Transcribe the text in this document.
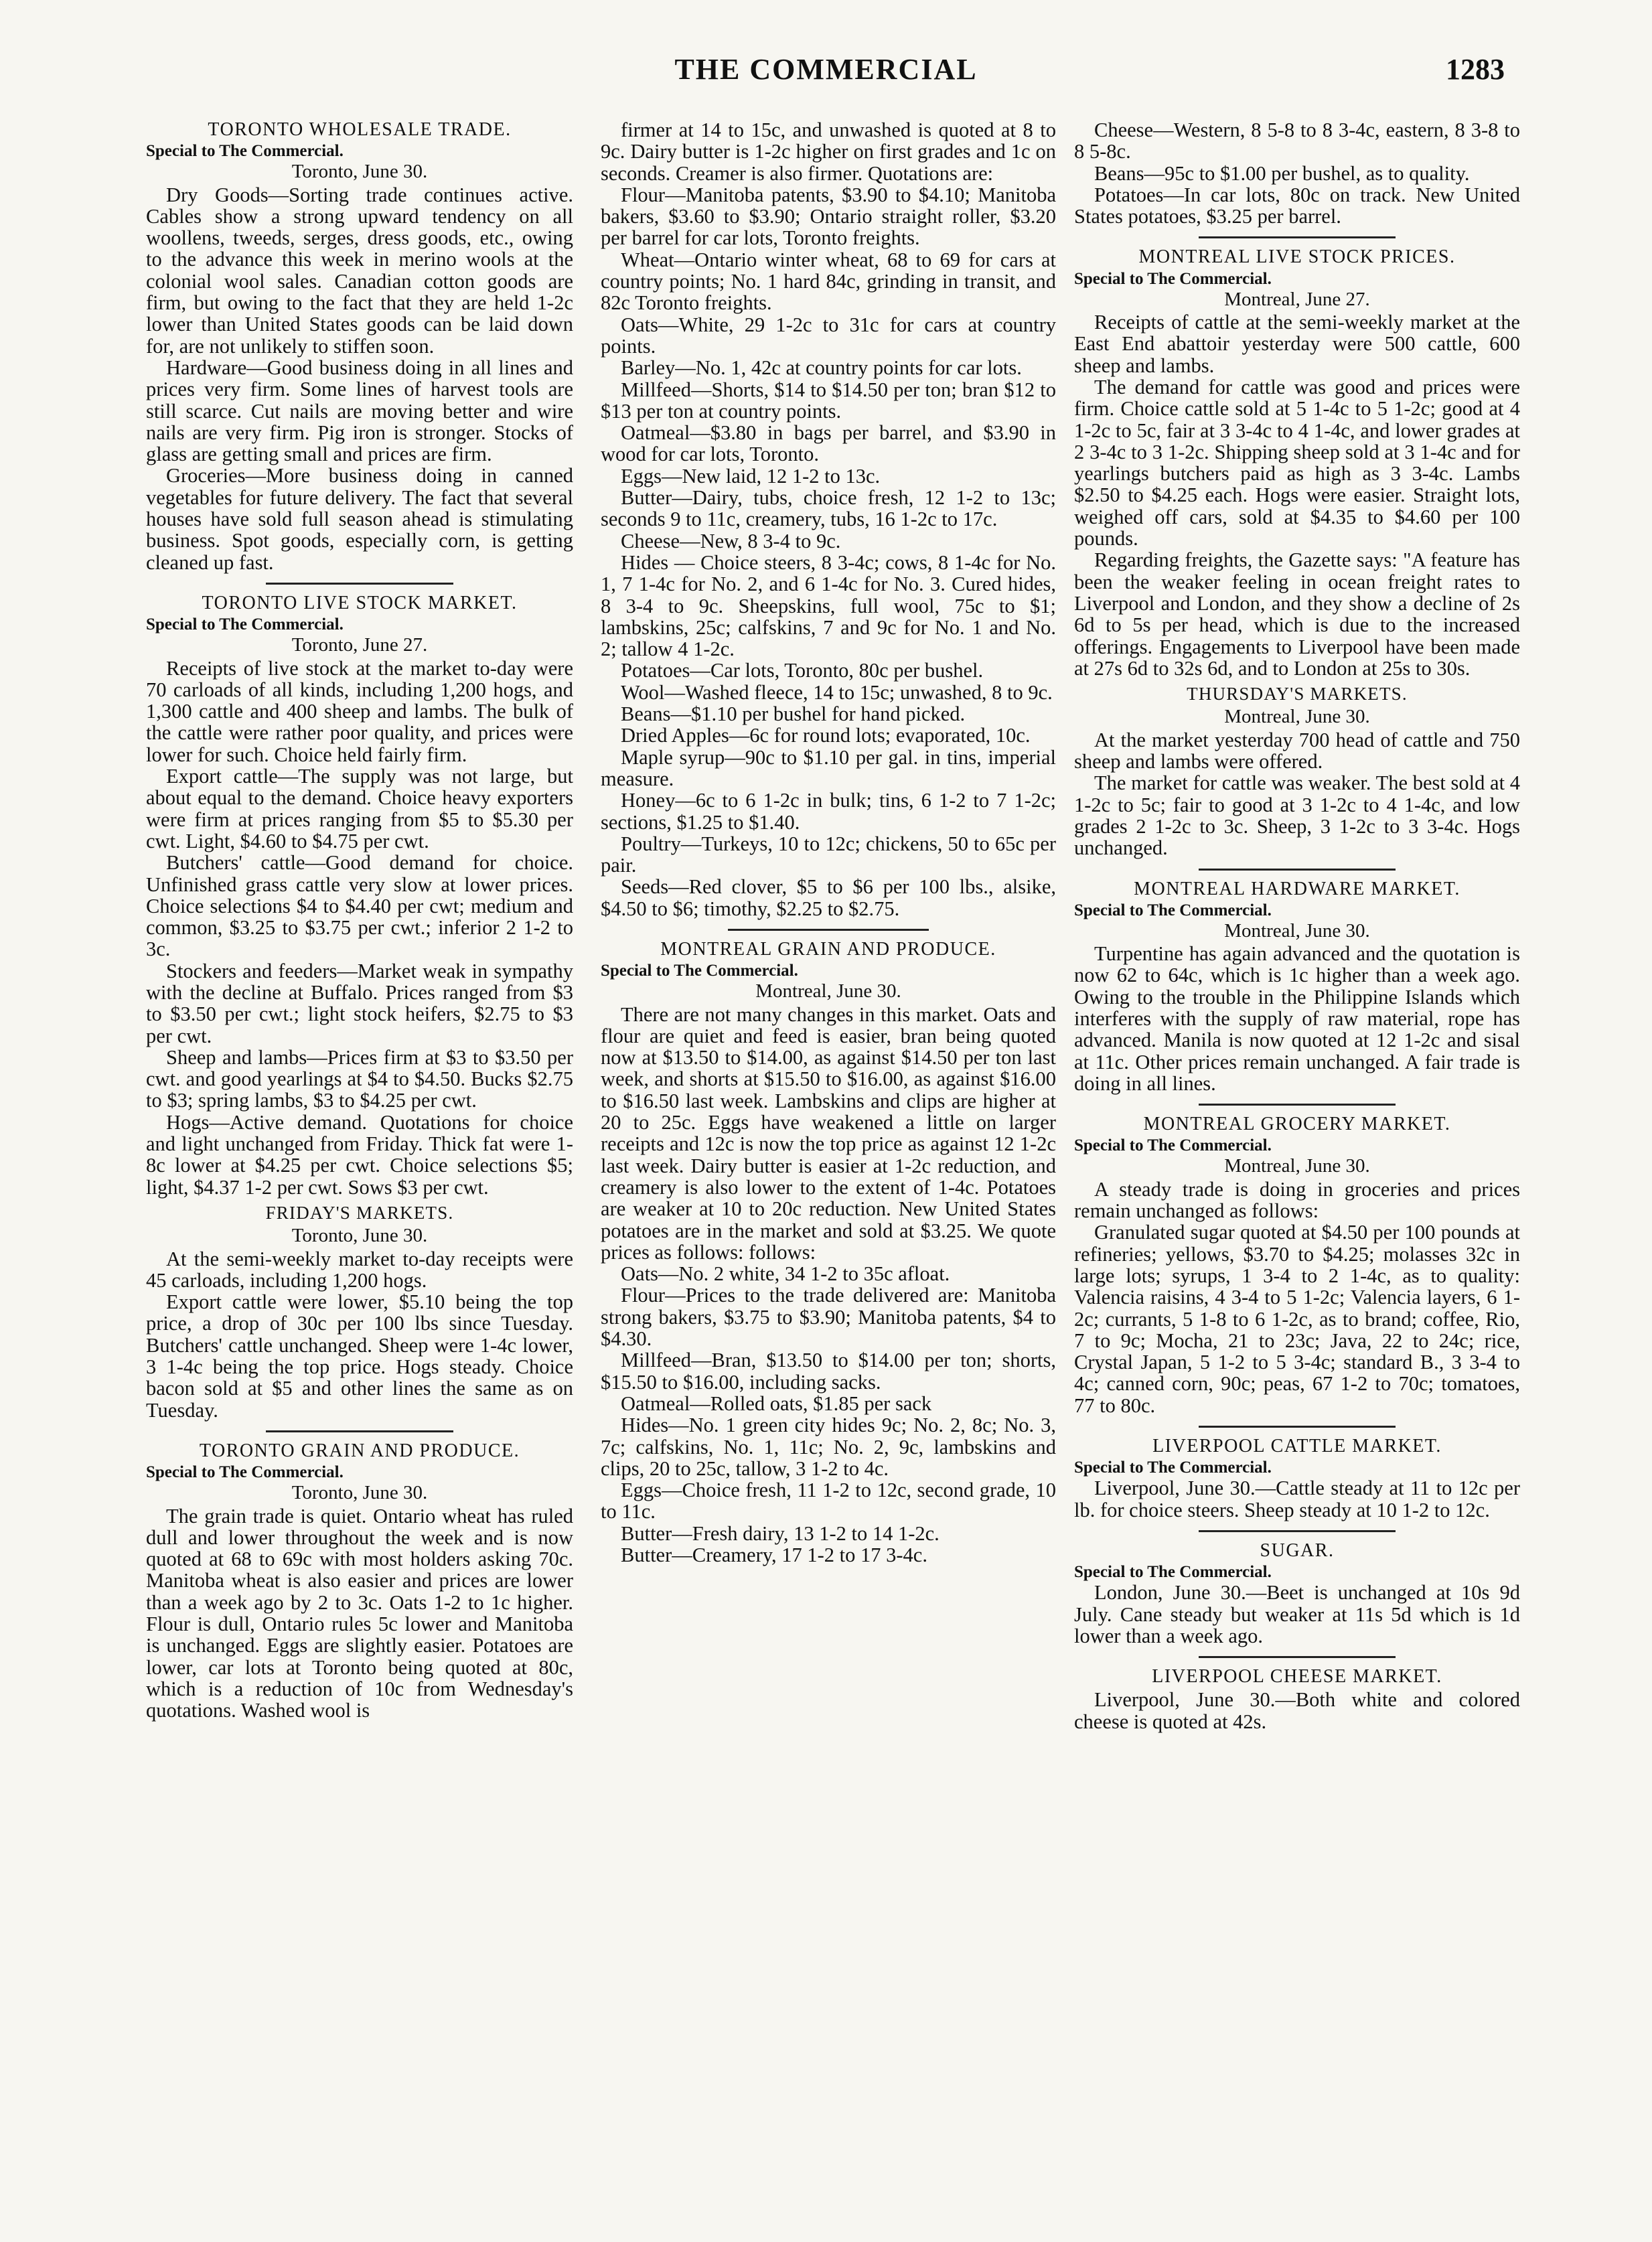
THE COMMERCIAL	1283
TORONTO WHOLESALE TRADE.
Special to The Commercial.
Toronto, June 30.

Dry Goods—Sorting trade continues active. Cables show a strong upward tendency on all woollens, tweeds, serges, dress goods, etc., owing to the advance this week in merino wools at the colonial wool sales. Canadian cotton goods are firm, but owing to the fact that they are held 1-2c lower than United States goods can be laid down for, are not unlikely to stiffen soon.

Hardware—Good business doing in all lines and prices very firm. Some lines of harvest tools are still scarce. Cut nails are moving better and wire nails are very firm. Pig iron is stronger. Stocks of glass are getting small and prices are firm.

Groceries—More business doing in canned vegetables for future delivery. The fact that several houses have sold full season ahead is stimulating business. Spot goods, especially corn, is getting cleaned up fast.

TORONTO LIVE STOCK MARKET.
Special to The Commercial.
Toronto, June 27.

Receipts of live stock at the market to-day were 70 carloads of all kinds, including 1,200 hogs, and 1,300 cattle and 400 sheep and lambs. The bulk of the cattle were rather poor quality, and prices were lower for such. Choice held fairly firm.

Export cattle—The supply was not large, but about equal to the demand. Choice heavy exporters were firm at prices ranging from $5 to $5.30 per cwt. Light, $4.60 to $4.75 per cwt.

Butchers' cattle—Good demand for choice. Unfinished grass cattle very slow at lower prices. Choice selections $4 to $4.40 per cwt; medium and common, $3.25 to $3.75 per cwt.; inferior 2 1-2 to 3c.

Stockers and feeders—Market weak in sympathy with the decline at Buffalo. Prices ranged from $3 to $3.50 per cwt.; light stock heifers, $2.75 to $3 per cwt.

Sheep and lambs—Prices firm at $3 to $3.50 per cwt. and good yearlings at $4 to $4.50. Bucks $2.75 to $3; spring lambs, $3 to $4.25 per cwt.

Hogs—Active demand. Quotations for choice and light unchanged from Friday. Thick fat were 1-8c lower at $4.25 per cwt. Choice selections $5; light, $4.37 1-2 per cwt. Sows $3 per cwt.

FRIDAY'S MARKETS.
Toronto, June 30.

At the semi-weekly market to-day receipts were 45 carloads, including 1,200 hogs.

Export cattle were lower, $5.10 being the top price, a drop of 30c per 100 lbs since Tuesday. Butchers' cattle unchanged. Sheep were 1-4c lower, 3 1-4c being the top price. Hogs steady. Choice bacon sold at $5 and other lines the same as on Tuesday.

TORONTO GRAIN AND PRODUCE.
Special to The Commercial.
Toronto, June 30.

The grain trade is quiet. Ontario wheat has ruled dull and lower throughout the week and is now quoted at 68 to 69c with most holders asking 70c. Manitoba wheat is also easier and prices are lower than a week ago by 2 to 3c. Oats 1-2 to 1c higher. Flour is dull, Ontario rules 5c lower and Manitoba is unchanged. Eggs are slightly easier. Potatoes are lower, car lots at Toronto being quoted at 80c, which is a reduction of 10c from Wednesday's quotations. Washed wool is

firmer at 14 to 15c, and unwashed is quoted at 8 to 9c. Dairy butter is 1-2c higher on first grades and 1c on seconds. Creamer is also firmer. Quotations are:

Flour—Manitoba patents, $3.90 to $4.10; Manitoba bakers, $3.60 to $3.90; Ontario straight roller, $3.20 per barrel for car lots, Toronto freights.

Wheat—Ontario winter wheat, 68 to 69 for cars at country points; No. 1 hard 84c, grinding in transit, and 82c Toronto freights.

Oats—White, 29 1-2c to 31c for cars at country points.

Barley—No. 1, 42c at country points for car lots.

Millfeed—Shorts, $14 to $14.50 per ton; bran $12 to $13 per ton at country points.

Oatmeal—$3.80 in bags per barrel, and $3.90 in wood for car lots, Toronto.

Eggs—New laid, 12 1-2 to 13c.

Butter—Dairy, tubs, choice fresh, 12 1-2 to 13c; seconds 9 to 11c, creamery, tubs, 16 1-2c to 17c.

Cheese—New, 8 3-4 to 9c.

Hides — Choice steers, 8 3-4c; cows, 8 1-4c for No. 1, 7 1-4c for No. 2, and 6 1-4c for No. 3. Cured hides, 8 3-4 to 9c. Sheepskins, full wool, 75c to $1; lambskins, 25c; calfskins, 7 and 9c for No. 1 and No. 2; tallow 4 1-2c.

Potatoes—Car lots, Toronto, 80c per bushel.

Wool—Washed fleece, 14 to 15c; unwashed, 8 to 9c.

Beans—$1.10 per bushel for hand picked.

Dried Apples—6c for round lots; evaporated, 10c.

Maple syrup—90c to $1.10 per gal. in tins, imperial measure.

Honey—6c to 6 1-2c in bulk; tins, 6 1-2 to 7 1-2c; sections, $1.25 to $1.40.

Poultry—Turkeys, 10 to 12c; chickens, 50 to 65c per pair.

Seeds—Red clover, $5 to $6 per 100 lbs., alsike, $4.50 to $6; timothy, $2.25 to $2.75.

MONTREAL GRAIN AND PRODUCE.
Special to The Commercial.
Montreal, June 30.

There are not many changes in this market. Oats and flour are quiet and feed is easier, bran being quoted now at $13.50 to $14.00, as against $14.50 per ton last week, and shorts at $15.50 to $16.00, as against $16.00 to $16.50 last week. Lambskins and clips are higher at 20 to 25c. Eggs have weakened a little on larger receipts and 12c is now the top price as against 12 1-2c last week. Dairy butter is easier at 1-2c reduction, and creamery is also lower to the extent of 1-4c. Potatoes are weaker at 10 to 20c reduction. New United States potatoes are in the market and sold at $3.25. We quote prices as follows: follows:

Oats—No. 2 white, 34 1-2 to 35c afloat.

Flour—Prices to the trade delivered are: Manitoba strong bakers, $3.75 to $3.90; Manitoba patents, $4 to $4.30.

Millfeed—Bran, $13.50 to $14.00 per ton; shorts, $15.50 to $16.00, including sacks.

Oatmeal—Rolled oats, $1.85 per sack

Hides—No. 1 green city hides 9c; No. 2, 8c; No. 3, 7c; calfskins, No. 1, 11c; No. 2, 9c, lambskins and clips, 20 to 25c, tallow, 3 1-2 to 4c.

Eggs—Choice fresh, 11 1-2 to 12c, second grade, 10 to 11c.

Butter—Fresh dairy, 13 1-2 to 14 1-2c.

Butter—Creamery, 17 1-2 to 17 3-4c.

Cheese—Western, 8 5-8 to 8 3-4c, eastern, 8 3-8 to 8 5-8c.

Beans—95c to $1.00 per bushel, as to quality.

Potatoes—In car lots, 80c on track. New United States potatoes, $3.25 per barrel.

MONTREAL LIVE STOCK PRICES.
Special to The Commercial.
Montreal, June 27.

Receipts of cattle at the semi-weekly market at the East End abattoir yesterday were 500 cattle, 600 sheep and lambs.

The demand for cattle was good and prices were firm. Choice cattle sold at 5 1-4c to 5 1-2c; good at 4 1-2c to 5c, fair at 3 3-4c to 4 1-4c, and lower grades at 2 3-4c to 3 1-2c. Shipping sheep sold at 3 1-4c and for yearlings butchers paid as high as 3 3-4c. Lambs $2.50 to $4.25 each. Hogs were easier. Straight lots, weighed off cars, sold at $4.35 to $4.60 per 100 pounds.

Regarding freights, the Gazette says: "A feature has been the weaker feeling in ocean freight rates to Liverpool and London, and they show a decline of 2s 6d to 5s per head, which is due to the increased offerings. Engagements to Liverpool have been made at 27s 6d to 32s 6d, and to London at 25s to 30s.

THURSDAY'S MARKETS.
Montreal, June 30.

At the market yesterday 700 head of cattle and 750 sheep and lambs were offered.

The market for cattle was weaker. The best sold at 4 1-2c to 5c; fair to good at 3 1-2c to 4 1-4c, and low grades 2 1-2c to 3c. Sheep, 3 1-2c to 3 3-4c. Hogs unchanged.

MONTREAL HARDWARE MARKET.
Special to The Commercial.
Montreal, June 30.

Turpentine has again advanced and the quotation is now 62 to 64c, which is 1c higher than a week ago. Owing to the trouble in the Philippine Islands which interferes with the supply of raw material, rope has advanced. Manila is now quoted at 12 1-2c and sisal at 11c. Other prices remain unchanged. A fair trade is doing in all lines.

MONTREAL GROCERY MARKET.
Special to The Commercial.
Montreal, June 30.

A steady trade is doing in groceries and prices remain unchanged as follows:

Granulated sugar quoted at $4.50 per 100 pounds at refineries; yellows, $3.70 to $4.25; molasses 32c in large lots; syrups, 1 3-4 to 2 1-4c, as to quality: Valencia raisins, 4 3-4 to 5 1-2c; Valencia layers, 6 1-2c; currants, 5 1-8 to 6 1-2c, as to brand; coffee, Rio, 7 to 9c; Mocha, 21 to 23c; Java, 22 to 24c; rice, Crystal Japan, 5 1-2 to 5 3-4c; standard B., 3 3-4 to 4c; canned corn, 90c; peas, 67 1-2 to 70c; tomatoes, 77 to 80c.

LIVERPOOL CATTLE MARKET.
Special to The Commercial.

Liverpool, June 30.—Cattle steady at 11 to 12c per lb. for choice steers. Sheep steady at 10 1-2 to 12c.

SUGAR.
Special to The Commercial.

London, June 30.—Beet is unchanged at 10s 9d July. Cane steady but weaker at 11s 5d which is 1d lower than a week ago.

LIVERPOOL CHEESE MARKET.

Liverpool, June 30.—Both white and colored cheese is quoted at 42s.
